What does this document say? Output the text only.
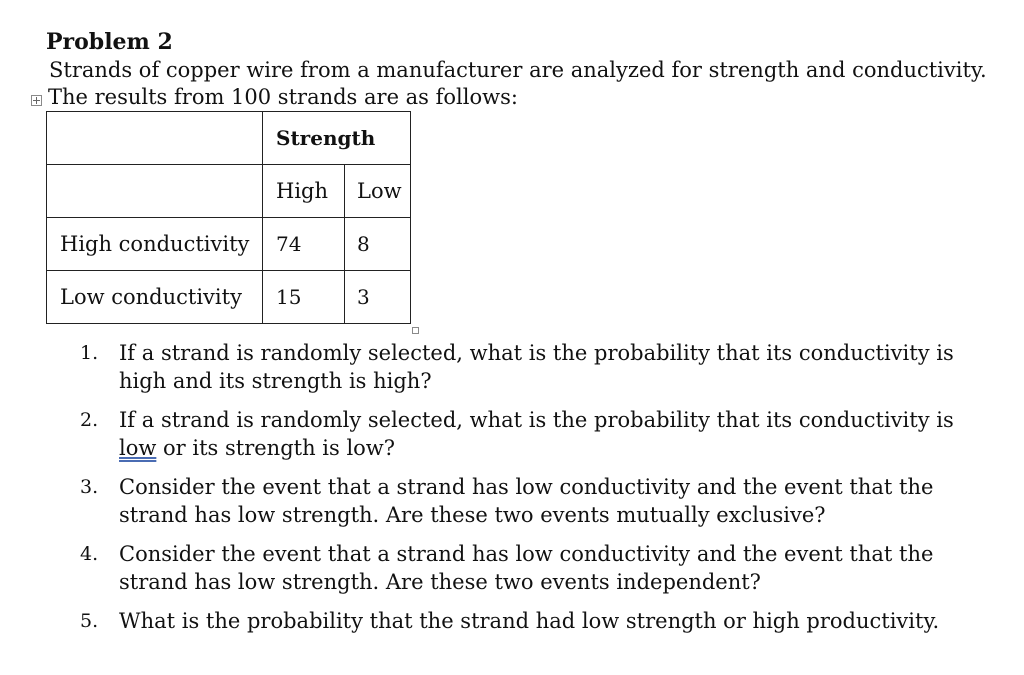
Problem 2
Strands of copper wire from a manufacturer are analyzed for strength and conductivity.
The results from 100 strands are as follows:
	Strength	
	High	Low
High conductivity	74	8
Low conductivity	15	3
1. If a strand is randomly selected, what is the probability that its conductivity is high and its strength is high?
2. If a strand is randomly selected, what is the probability that its conductivity is low or its strength is low?
3. Consider the event that a strand has low conductivity and the event that the strand has low strength. Are these two events mutually exclusive?
4. Consider the event that a strand has low conductivity and the event that the strand has low strength. Are these two events independent?
5. What is the probability that the strand had low strength or high productivity.
